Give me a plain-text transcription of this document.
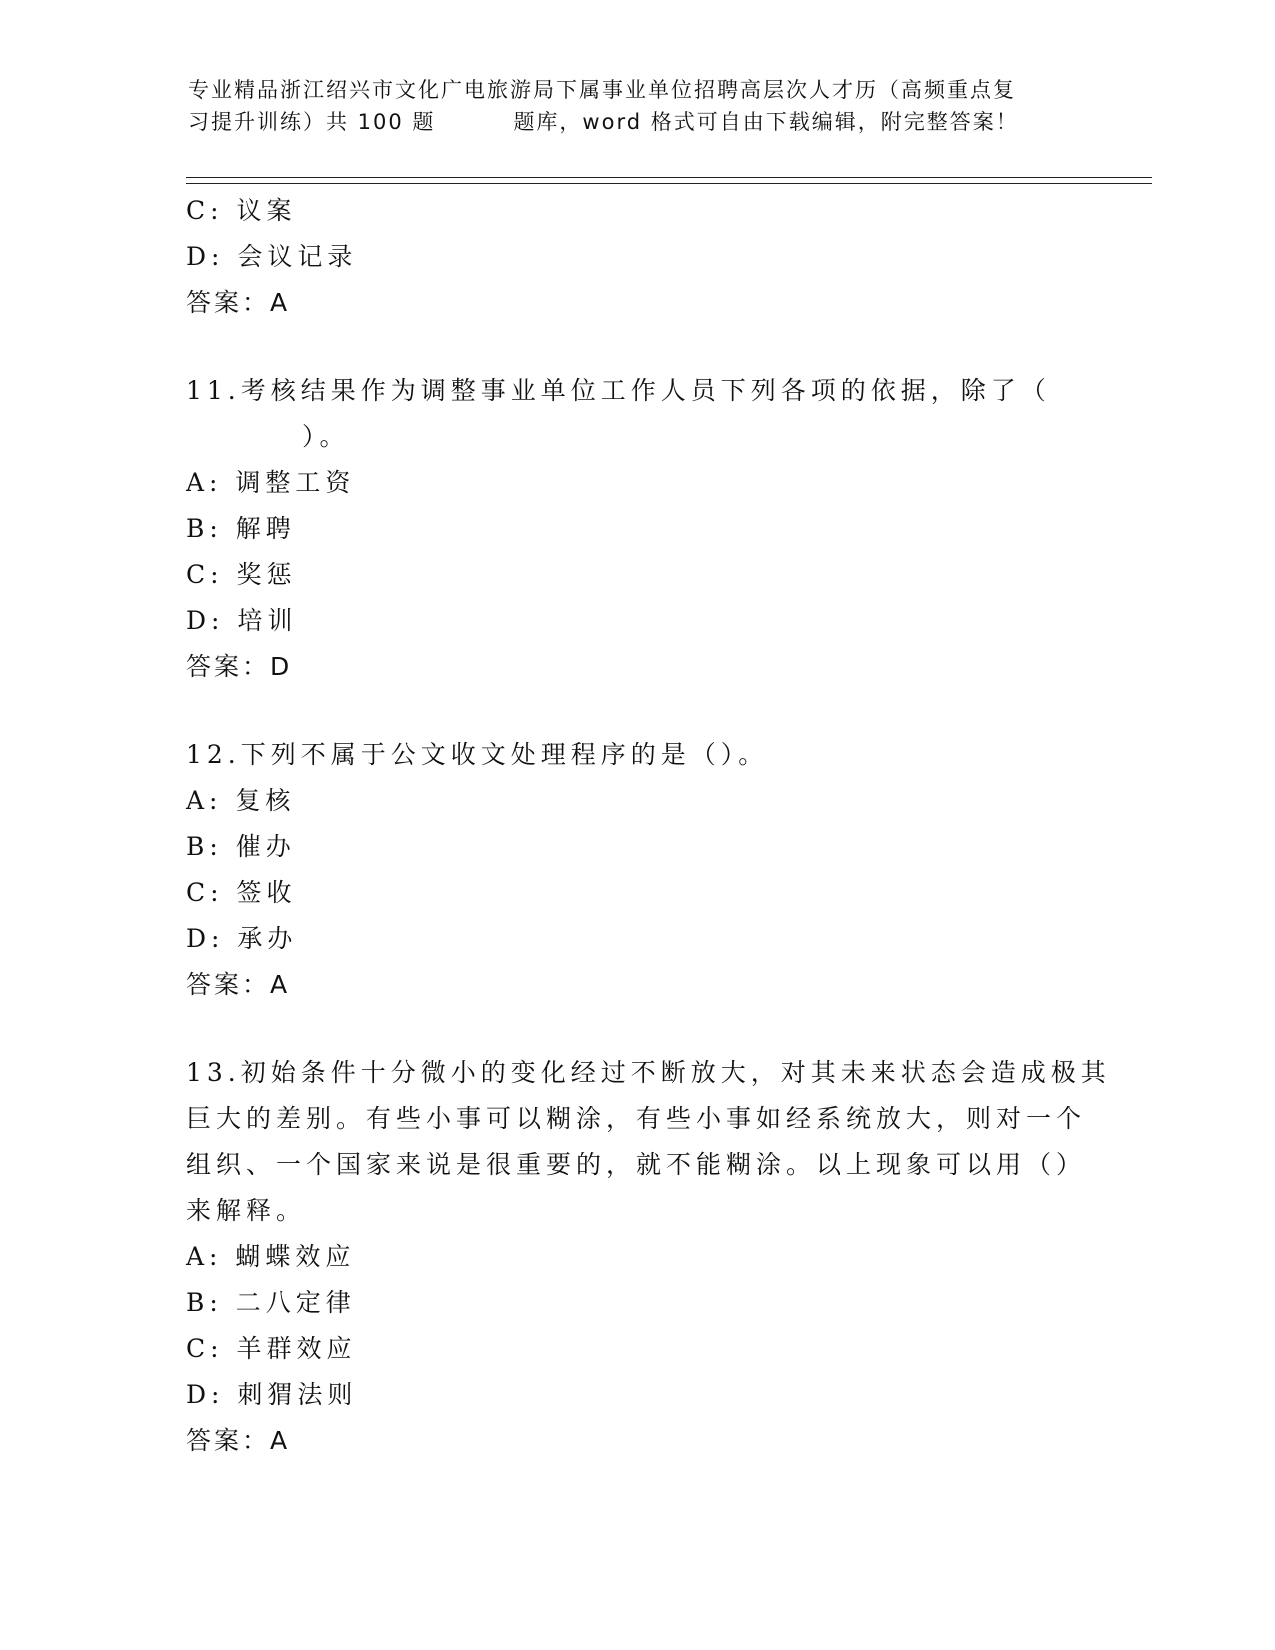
专业精品浙江绍兴市文化广电旅游局下属事业单位招聘高层次人才历（高频重点复
习提升训练）共 100 题	题库，word 格式可自由下载编辑，附完整答案！
C: 议案
D: 会议记录
答案：A
11.考核结果作为调整事业单位工作人员下列各项的依据，除了（
）。
A: 调整工资
B: 解聘
C: 奖惩
D: 培训
答案：D
12.下列不属于公文收文处理程序的是（）。
A: 复核
B: 催办
C: 签收
D: 承办
答案：A
13.初始条件十分微小的变化经过不断放大，对其未来状态会造成极其
巨大的差别。有些小事可以糊涂，有些小事如经系统放大，则对一个
组织、一个国家来说是很重要的，就不能糊涂。以上现象可以用（）
来解释。
A: 蝴蝶效应
B: 二八定律
C: 羊群效应
D: 刺猬法则
答案：A
